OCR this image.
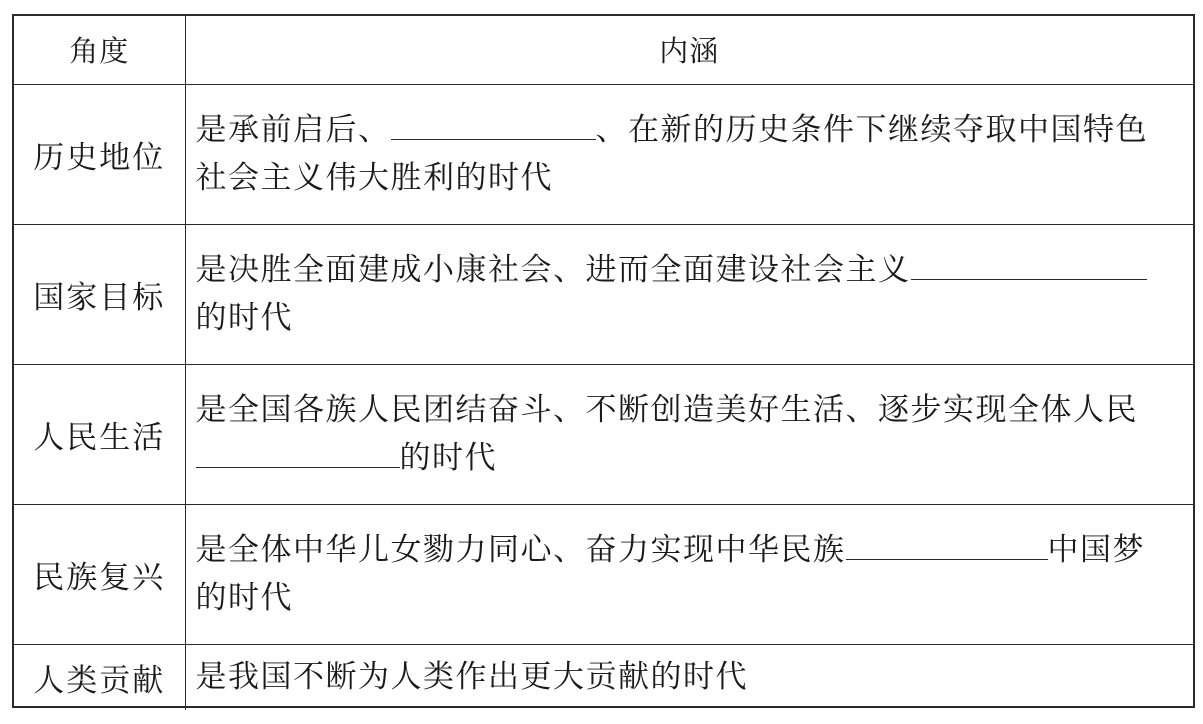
角度	内涵
历史地位	是承前启后、 、在新的历史条件下继续夺取中国特色
社会主义伟大胜利的时代

国家目标	是决胜全面建成小康社会、进而全面建设社会主义
的时代

人民生活	是全国各族人民团结奋斗、不断创造美好生活、逐步实现全体人民
的时代

民族复兴	是全体中华儿女勠力同心、奋力实现中华民族 中国梦
的时代

人类贡献	是我国不断为人类作出更大贡献的时代
